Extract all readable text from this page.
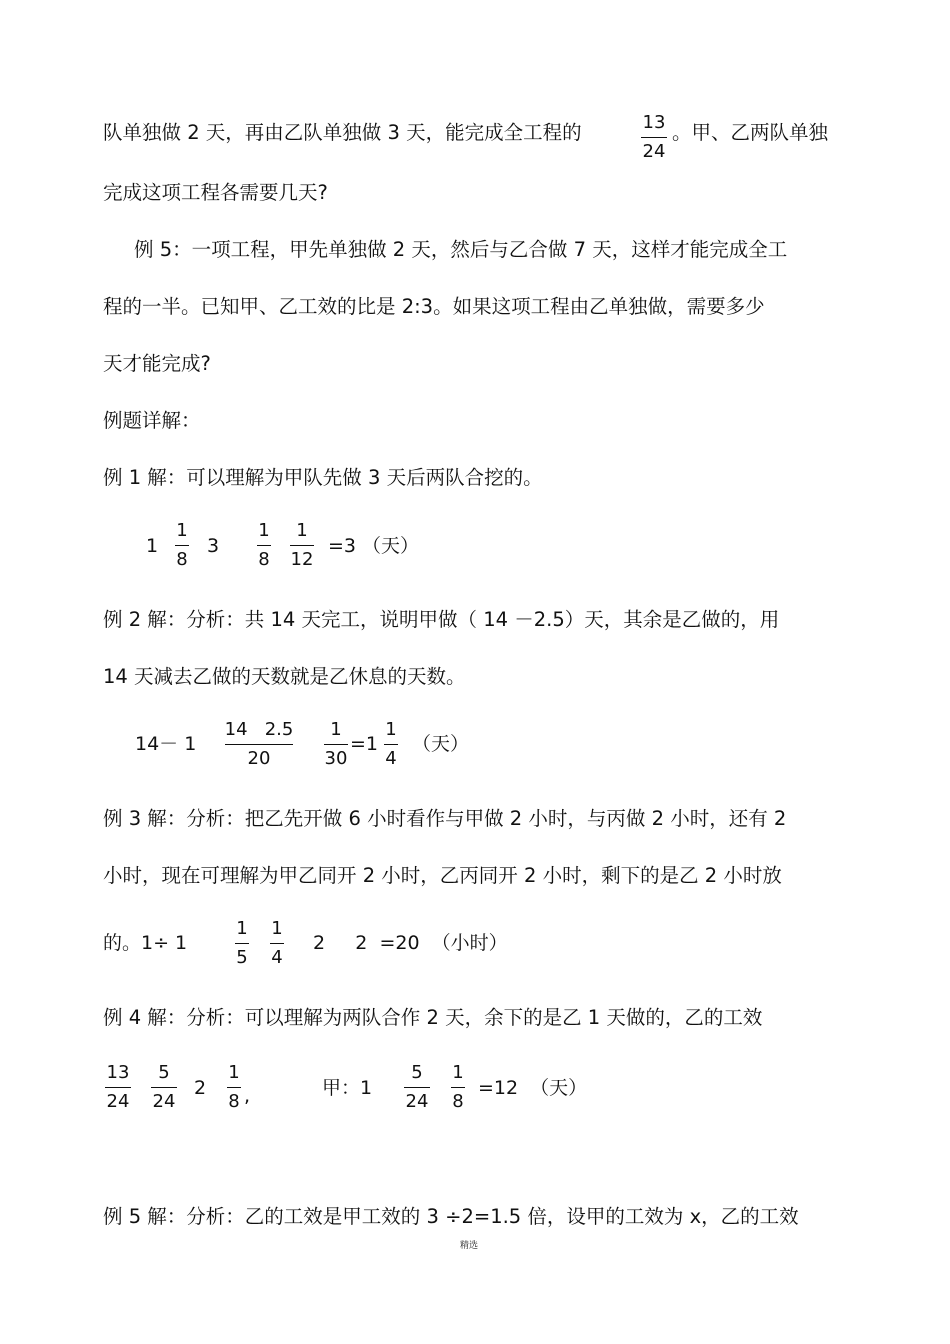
队单独做 2 天，再由乙队单独做 3 天，能完成全工程的	13
24
。甲、乙两队单独
完成这项工程各需要几天?
例 5：一项工程，甲先单独做 2 天，然后与乙合做 7 天，这样才能完成全工
程的一半。已知甲、乙工效的比是 2:3。如果这项工程由乙单独做，需要多少
天才能完成?
例题详解：
例 1 解：可以理解为甲队先做 3 天后两队合挖的。
1
1
8
3
1
8
1
12
=3 （天）
例 2 解：分析：共 14 天完工，说明甲做（ 14 －2.5）天，其余是乙做的，用
14 天减去乙做的天数就是乙休息的天数。
14－ 1
14   2.5
20
1
30
=1
1
4
（天）
例 3 解：分析：把乙先开做 6 小时看作与甲做 2 小时，与丙做 2 小时，还有 2
小时，现在可理解为甲乙同开 2 小时，乙丙同开 2 小时，剩下的是乙 2 小时放
的。1÷ 1
1
5
1
4
2     2  =20  （小时）
例 4 解：分析：可以理解为两队合作 2 天，余下的是乙 1 天做的，乙的工效
13
24
5
24
2
1
8 ,	甲：1
5
24
1
8
=12  （天）
例 5 解：分析：乙的工效是甲工效的 3 ÷2=1.5 倍，设甲的工效为 x，乙的工效
精选
